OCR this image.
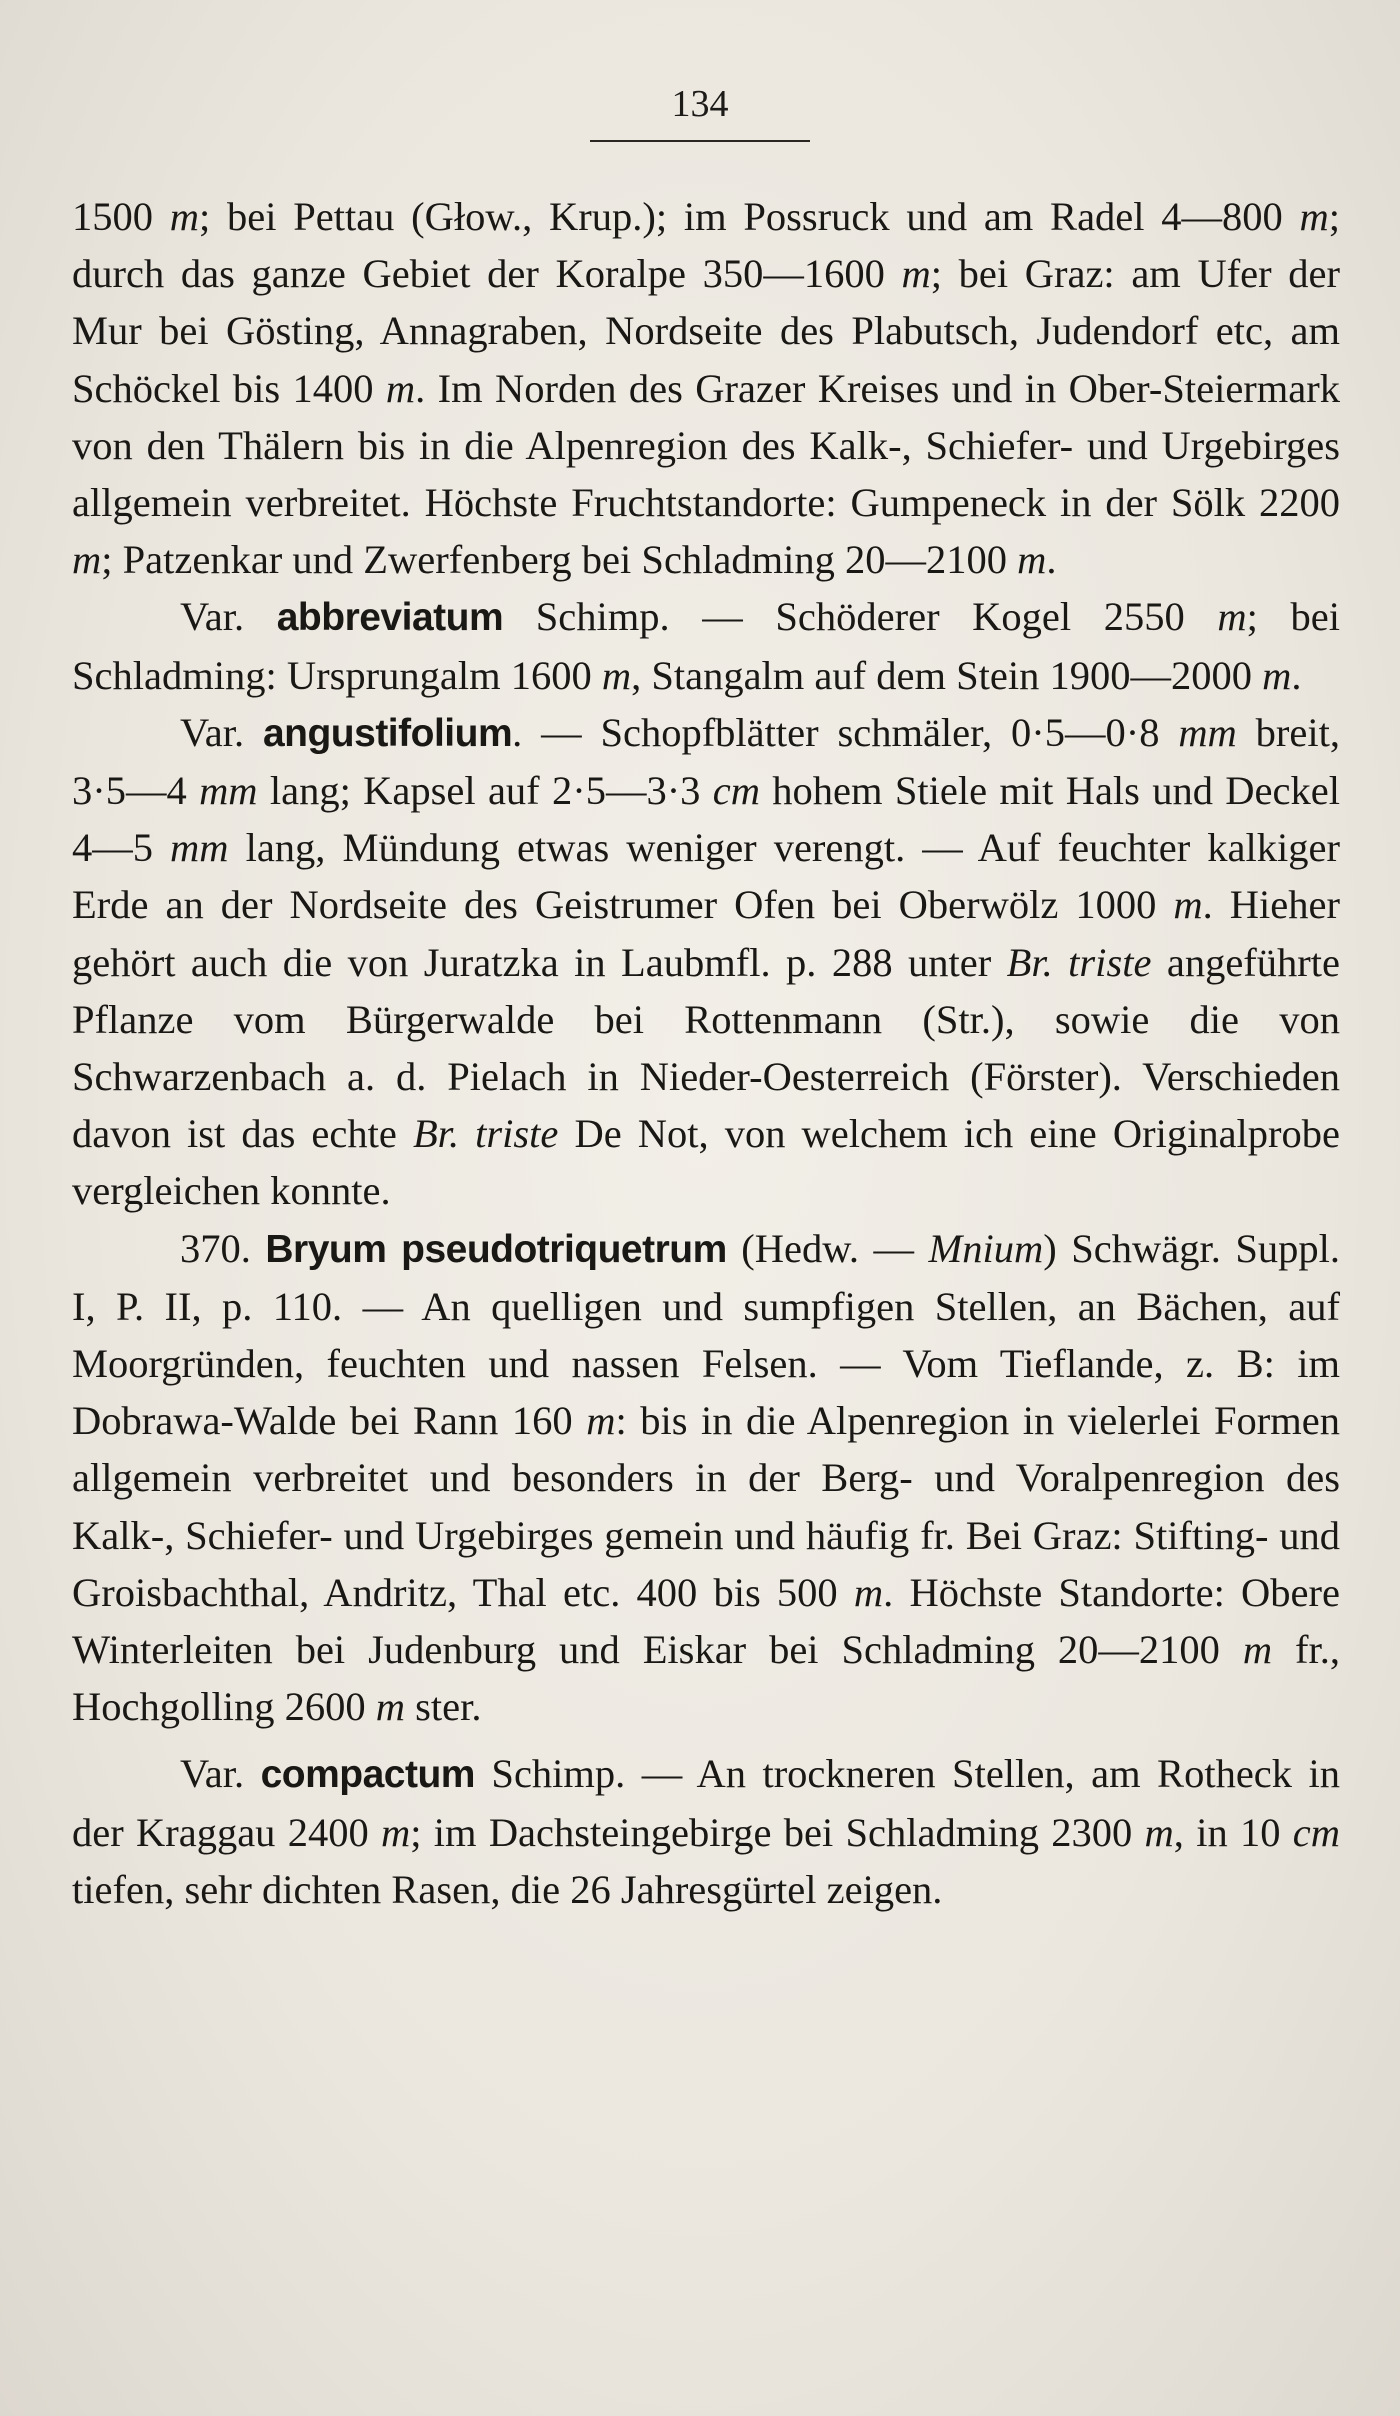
134

1500 m; bei Pettau (Głow., Krup.); im Possruck und am Radel 4—800 m; durch das ganze Gebiet der Koralpe 350—1600 m; bei Graz: am Ufer der Mur bei Gösting, Annagraben, Nordseite des Plabutsch, Judendorf etc, am Schöckel bis 1400 m. Im Norden des Grazer Kreises und in Ober-Steiermark von den Thälern bis in die Alpenregion des Kalk-, Schiefer- und Urgebirges allgemein verbreitet. Höchste Fruchtstandorte: Gumpeneck in der Sölk 2200 m; Patzenkar und Zwerfenberg bei Schladming 20—2100 m.

Var. abbreviatum Schimp. — Schöderer Kogel 2550 m; bei Schladming: Ursprungalm 1600 m, Stangalm auf dem Stein 1900—2000 m.

Var. angustifolium. — Schopfblätter schmäler, 0·5—0·8 mm breit, 3·5—4 mm lang; Kapsel auf 2·5—3·3 cm hohem Stiele mit Hals und Deckel 4—5 mm lang, Mündung etwas weniger verengt. — Auf feuchter kalkiger Erde an der Nordseite des Geistrumer Ofen bei Oberwölz 1000 m. Hieher gehört auch die von Juratzka in Laubmfl. p. 288 unter Br. triste angeführte Pflanze vom Bürgerwalde bei Rottenmann (Str.), sowie die von Schwarzenbach a. d. Pielach in Nieder-Oesterreich (Förster). Verschieden davon ist das echte Br. triste De Not, von welchem ich eine Originalprobe vergleichen konnte.

370. Bryum pseudotriquetrum (Hedw. — Mnium) Schwägr. Suppl. I, P. II, p. 110. — An quelligen und sumpfigen Stellen, an Bächen, auf Moorgründen, feuchten und nassen Felsen. — Vom Tieflande, z. B: im Dobrawa-Walde bei Rann 160 m: bis in die Alpenregion in vielerlei Formen allgemein verbreitet und besonders in der Berg- und Voralpenregion des Kalk-, Schiefer- und Urgebirges gemein und häufig fr. Bei Graz: Stifting- und Groisbachthal, Andritz, Thal etc. 400 bis 500 m. Höchste Standorte: Obere Winterleiten bei Judenburg und Eiskar bei Schladming 20—2100 m fr., Hochgolling 2600 m ster.

Var. compactum Schimp. — An trockneren Stellen, am Rotheck in der Kraggau 2400 m; im Dachsteingebirge bei Schladming 2300 m, in 10 cm tiefen, sehr dichten Rasen, die 26 Jahresgürtel zeigen.
